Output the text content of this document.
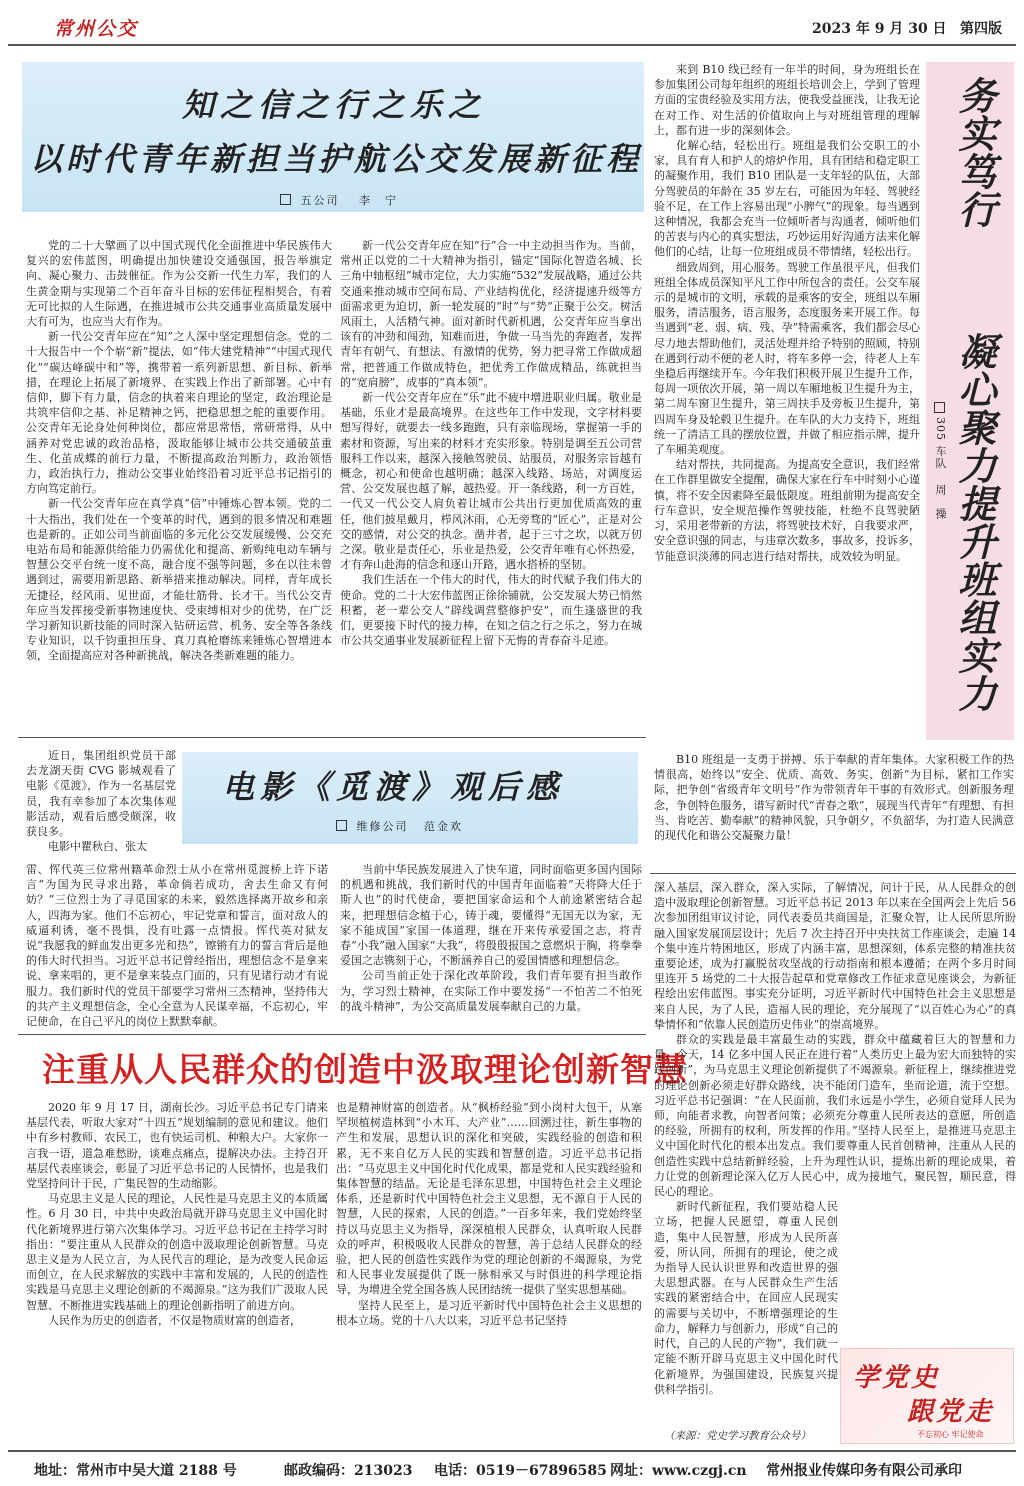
常州公交	2023 年 9 月 30 日 第四版
知之信之行之乐之
以时代青年新担当护航公交发展新征程
五公司 李　宁

党的二十大擘画了以中国式现代化全面推进中华民族伟大复兴的宏伟蓝图，明确提出加快建设交通强国，报告举旗定向、凝心聚力、击鼓催征。作为公交新一代生力军，我们的人生黄金期与实现第二个百年奋斗目标的宏伟征程相契合，有着无可比拟的人生际遇，在推进城市公共交通事业高质量发展中大有可为，也应当大有作为。

新一代公交青年应在“知”之人深中坚定理想信念。党的二十大报告中一个个崭“新”提法，如“伟大建党精神”“中国式现代化”“碳达峰碳中和”等，携带着一系列新思想、新目标、新举措，在理论上拓展了新境界、在实践上作出了新部署。心中有信仰，脚下有力量，信念的执着来自理论的坚定，政治理论是共筑牢信仰之基、补足精神之钙，把稳思想之舵的重要作用。公交青年无论身处何种岗位，都应常思常悟，常研常得，从中涵养对党忠诚的政治品格，汲取能够让城市公共交通破茧重生、化茧成蝶的前行力量，不断提高政治判断力，政治领悟力，政治执行力，推动公交事业始终沿着习近平总书记指引的方向笃定前行。

新一代公交青年应在真学真“信”中锤炼心智本领。党的二十大指出，我们处在一个变革的时代，遇到的很多情况和难题也是新的。正如公司当前面临的多元化公交发展缓慢、公交充电站布局和能源供给能力仍需优化和提高、新购纯电动车辆与智慧公交平台统一度不高，融合度不强等问题，多在以往未曾遇到过，需要用新思路、新举措来推动解决。同样，青年成长无捷径，经风雨、见世面，才能壮筋骨、长才干。当代公交青年应当发挥接受新事物速度快、受束缚相对少的优势，在广泛学习新知识新技能的同时深入钻研运营、机务、安全等各条线专业知识，以千钧重担压身、真刀真枪磨练来锤炼心智增进本领，全面提高应对各种新挑战，解决各类新难题的能力。

新一代公交青年应在知“行”合一中主动担当作为。当前，常州正以党的二十大精神为指引，锚定“国际化智造名城、长三角中轴枢纽”城市定位，大力实施“532”发展战略，通过公共交通来推动城市空间布局、产业结构优化，经济提速升级等方面需求更为迫切，新一轮发展的“时”与“势”正聚于公交。树活风雨土，人活精气神。面对新时代新机遇，公交青年应当拿出该有的冲劲和闯劲，知难而进，争做一马当先的奔跑者，发挥青年有朝气、有想法、有激情的优势，努力把寻常工作做成超常，把普通工作做成特色，把优秀工作做成精品，练就担当的“宽肩膀”，成事的“真本领”。

新一代公交青年应在“乐”此不疲中增进职业归属。敬业是基础，乐业才是最高境界。在这些年工作中发现，文字材料要想写得好，就要去一线多跑跑，只有亲临现场，掌握第一手的素材和资源，写出来的材料才充实形象。特别是调至五公司营服科工作以来，越深入接触驾驶员、站服员，对服务宗旨越有概念，初心和使命也越明确；越深入线路、场站，对调度运营、公交发展也越了解，越热爱。开一条线路，利一方百姓，一代又一代公交人肩负着让城市公共出行更加优质高效的重任，他们披星戴月，栉风沐雨，心无旁骛的“匠心”，正是对公交的感情，对公交的执念。凿井者，起于三寸之坎，以就万仞之深。敬业是责任心，乐业是热爱，公交青年唯有心怀热爱，才有奔山赴海的信念和逐山开路，遇水搭桥的坚韧。

我们生活在一个伟大的时代，伟大的时代赋予我们伟大的使命。党的二十大宏伟蓝图正徐徐铺就，公交发展大势已悄然积蓄，老一辈公交人“辟线调营整修护安”，而生逢盛世的我们，更要接下时代的接力棒，在知之信之行之乐之，努力在城市公共交通事业发展新征程上留下无悔的青春奋斗足迹。

来到 B10 线已经有一年半的时间，身为班组长在参加集团公司每年组织的班组长培训会上，学到了管理方面的宝贵经验及实用方法，使我受益匪浅，让我无论在对工作、对生活的价值取向上与对班组管理的理解上，都有进一步的深刻体会。

化解心结，轻松出行。班组是我们公交职工的小家，具有育人和护人的熔炉作用，具有团结和稳定职工的凝聚作用，我们 B10 团队是一支年轻的队伍，大部分驾驶员的年龄在 35 岁左右，可能因为年轻、驾驶经验不足，在工作上容易出现“小脾气”的现象。每当遇到这种情况，我都会充当一位倾听者与沟通者，倾听他们的苦衷与内心的真实想法，巧妙运用好沟通方法来化解他们的心结，让每一位班组成员不带情绪，轻松出行。

细致周到，用心服务。驾驶工作虽很平凡，但我们班组全体成员深知平凡工作中所包含的责任。公交车展示的是城市的文明，承载的是乘客的安全，班组以车厢服务，清洁服务，语言服务，态度服务来开展工作。每当遇到“老、弱、病、残、孕”特需乘客，我们都会尽心尽力地去帮助他们，灵活处理并给予特别的照顾，特别在遇到行动不便的老人时，将车多停一会，待老人上车坐稳后再继续开车。今年我们积极开展卫生提升工作，每周一项依次开展，第一周以车厢地板卫生提升为主，第二周车窗卫生提升，第三周扶手及旁板卫生提升，第四周车身及轮毂卫生提升。在车队的大力支持下，班组统一了清洁工具的摆放位置，并做了相应指示牌，提升了车厢美观度。

结对帮扶，共同提高。为提高安全意识，我们经常在工作群里做安全提醒，确保大家在行车中时刻小心谨慎，将不安全因素降至最低限度。班组前期为提高安全行车意识，安全规范操作驾驶技能，杜绝不良驾驶陋习，采用老带新的方法，将驾驶技术好，自我要求严，安全意识强的同志，与违章次数多，事故多，投诉多，节能意识淡薄的同志进行结对帮扶，成效较为明显。

务实笃行
凝心聚力提升班组实力
305 车队周　操

B10 班组是一支勇于拼搏、乐于奉献的青年集体。大家积极工作的热情很高，始终以“安全、优质、高效、务实、创新”为目标，紧扣工作实际，把争创“省级青年文明号”作为带领青年干事的有效形式。创新服务理念，争创特色服务，谱写新时代“青春之歌”，展现当代青年“有理想、有担当、肯吃苦、勤奉献”的精神风貌，只争朝夕，不负韶华，为打造人民满意的现代化和谐公交凝聚力量！

近日，集团组织党员干部去龙湖天街 CVG 影城观看了电影《觅渡》，作为一名基层党员，我有幸参加了本次集体观影活动，观看后感受颇深，收获良多。

电影中瞿秋白、张太

电影《觅渡》观后感
维修公司 范金欢

雷、恽代英三位常州籍革命烈士从小在常州觅渡桥上许下诺言“为国为民寻求出路，革命倘若成功，舍去生命又有何妨？”三位烈士为了寻觅国家的未来，毅然选择离开故乡和亲人，四海为家。他们不忘初心，牢记党章和誓言，面对敌人的威逼利诱，毫不畏惧，没有吐露一点情报。恽代英对狱友说“我愿我的鲜血发出更多光和热”，镲锵有力的誓言背后是他的伟大时代担当。习近平总书记曾经指出，理想信念不是拿来说、拿来唱的，更不是拿来装点门面的，只有见诸行动才有说服力。我们新时代的党员干部要学习常州三杰精神，坚持伟大的共产主义理想信念，全心全意为人民谋幸福，不忘初心，牢记使命，在自己平凡的岗位上默默奉献。

当前中华民族发展进入了快车道，同时面临更多国内国际的机遇和挑战，我们新时代的中国青年面临着“天将降大任于斯人也”的时代使命，要把国家命运和个人前途紧密结合起来，把理想信念植于心，铸于魂，要懂得“无国无以为家，无家不能成国”家国一体道理，继在开来传承爱国之志，将青春“小我”融入国家“大我”，将殷殷报国之意燃炽于胸，将拳拳爱国之志镌刻于心，不断涵养自己的爱国情感和理想信念。

公司当前正处于深化改革阶段，我们青年要有担当敢作为，学习烈士精神，在实际工作中要发扬“一不怕苦二不怕死的战斗精神”，为公交高质量发展奉献自己的力量。

注重从人民群众的创造中汲取理论创新智慧

2020 年 9 月 17 日，湖南长沙。习近平总书记专门请来基层代表，听取大家对“十四五”规划编制的意见和建议。他们中有乡村教师、农民工，也有快运司机、种粮大户。大家你一言我一语，道急难愁盼，谈难点痛点，提解决办法。主持召开基层代表座谈会，彰显了习近平总书记的人民情怀，也是我们党坚持问计于民，广集民智的生动缩影。

马克思主义是人民的理论，人民性是马克思主义的本质属性。6 月 30 日，中共中央政治局就开辟马克思主义中国化时代化新境界进行第六次集体学习。习近平总书记在主持学习时指出：“要注重从人民群众的创造中汲取理论创新智慧。马克思主义是为人民立言，为人民代言的理论，是为改变人民命运而创立，在人民求解放的实践中丰富和发展的，人民的创造性实践是马克思主义理论创新的不竭源泉。”这为我们广汲取人民智慧、不断推进实践基础上的理论创新指明了前进方向。

人民作为历史的创造者，不仅是物质财富的创造者，

也是精神财富的创造者。从“枫桥经验”到小岗村大包干，从塞罕坝植树造林到“小木耳、大产业”……回溯过往，新生事物的产生和发展，思想认识的深化和突破，实践经验的创造和积累，无不来自亿万人民的实践和智慧创造。习近平总书记指出：“马克思主义中国化时代化成果，都是党和人民实践经验和集体智慧的结晶。无论是毛泽东思想，中国特色社会主义理论体系，还是新时代中国特色社会主义思想，无不源自于人民的智慧，人民的探索，人民的创造。”一百多年来，我们党始终坚持以马克思主义为指导，深深植根人民群众，认真听取人民群众的呼声，积极吸收人民群众的智慧，善于总结人民群众的经验，把人民的创造性实践作为党的理论创新的不竭源泉，为党和人民事业发展提供了既一脉相承又与时俱进的科学理论指导，为增进全党全国各族人民团结统一提供了坚实思想基础。

坚持人民至上，是习近平新时代中国特色社会主义思想的根本立场。党的十八大以来，习近平总书记坚持

深入基层，深入群众，深入实际，了解情况，问计于民，从人民群众的创造中汲取理论创新智慧。习近平总书记 2013 年以来在全国两会上先后 56 次参加团组审议讨论，同代表委员共商国是，汇聚众智，让人民所思所盼融入国家发展顶层设计；先后 7 次主持召开中央扶贫工作座谈会，走遍 14 个集中连片特困地区，形成了内涵丰富，思想深刻，体系完整的精准扶贫重要论述，成为打赢脱贫攻坚战的行动指南和根本遵循；在两个多月时间里连开 5 场党的二十大报告起草和党章修改工作征求意见座谈会，为新征程绘出宏伟蓝图。事实充分证明，习近平新时代中国特色社会主义思想是来自人民，为了人民，造福人民的理论，充分展现了“以百姓心为心”的真挚情怀和“依靠人民创造历史伟业”的崇高境界。

群众的实践是最丰富最生动的实践，群众中蕴藏着巨大的智慧和力量。今天，14 亿多中国人民正在进行着“人类历史上最为宏大而独特的实践创新”，为马克思主义理论创新提供了不竭源泉。新征程上，继续推进党的理论创新必须走好群众路线，决不能闭门造车，坐而论道，流于空想。习近平总书记强调：“在人民面前，我们永远是小学生，必须自觉拜人民为师，向能者求教，向智者问策；必须充分尊重人民所表达的意愿，所创造的经验，所拥有的权利，所发挥的作用。”坚持人民至上，是推进马克思主义中国化时代化的根本出发点。我们要尊重人民首创精神，注重从人民的创造性实践中总结新鲜经验，上升为理性认识，提炼出新的理论成果，着力让党的创新理论深入亿万人民心中，成为接地气，聚民智，顺民意，得民心的理论。

新时代新征程，我们要站稳人民立场，把握人民愿望，尊重人民创造，集中人民智慧，形成为人民所喜爱，所认同，所拥有的理论，使之成为指导人民认识世界和改造世界的强大思想武器。在与人民群众生产生活实践的紧密结合中，在回应人民现实的需要与关切中，不断增强理论的生命力，解释力与创新力，形成“自己的时代，自己的人民的产物”，我们就一定能不断开辟马克思主义中国化时代化新境界，为强国建设，民族复兴提供科学指引。

（来源：党史学习教育公众号）
学党史
跟党走
不忘初心 牢记使命
地址：常州市中吴大道 2188 号	邮政编码：213023 电话：0519－67896585 网址：www.czgj.cn 常州报业传媒印务有限公司承印
